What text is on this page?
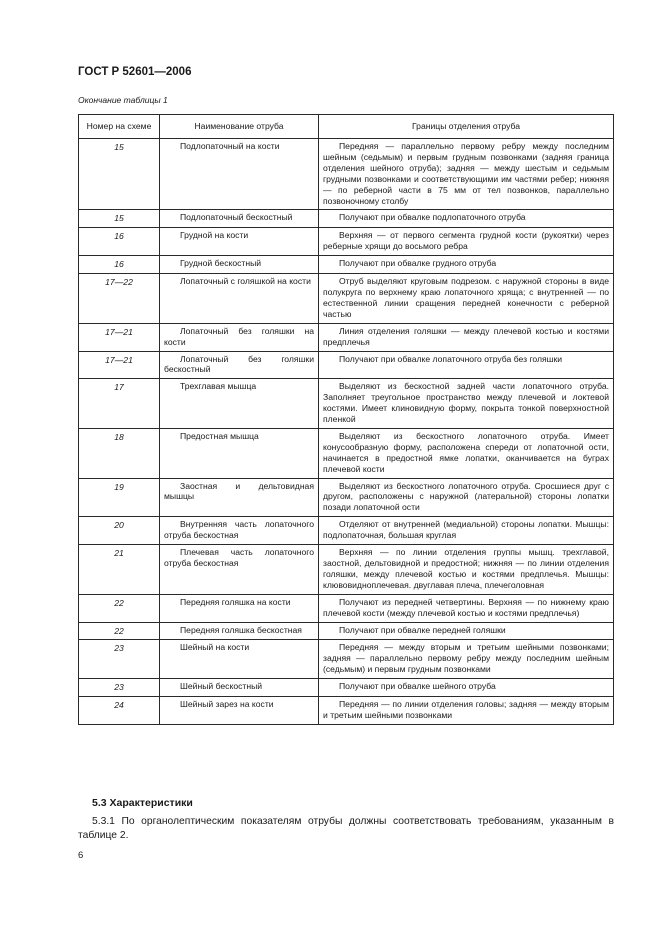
ГОСТ Р 52601—2006
Окончание таблицы 1
Номер на схеме	Наименование отруба	Границы отделения отруба
15	Подлопаточный на кости	Передняя — параллельно первому ребру между последним шейным (седьмым) и первым грудным позвонками (задняя граница отделения шейного отруба); задняя — между шестым и седьмым грудными позвонками и соответствующими им частями ребер; нижняя — по реберной части в 75 мм от тел позвонков, параллельно позвоночному столбу

15	Подлопаточный бескостный	Получают при обвалке подлопаточного отруба

16	Грудной на кости	Верхняя — от первого сегмента грудной кости (рукоятки) через реберные хрящи до восьмого ребра

16	Грудной бескостный	Получают при обвалке грудного отруба

17—22	Лопаточный с голяшкой на кости	Отруб выделяют круговым подрезом. с наружной стороны в виде полукруга по верхнему краю лопаточного хряща; с внутренней — по естественной линии сращения передней конечности с реберной частью

17—21	Лопаточный без голяшки на кости	Линия отделения голяшки — между плечевой костью и костями предплечья

17—21	Лопаточный без голяшки бескостный	Получают при обвалке лопаточного отруба без голяшки

17	Трехглавая мышца	Выделяют из бескостной задней части лопаточного отруба. Заполняет треугольное пространство между плечевой и локтевой костями. Имеет клиновидную форму, покрыта тонкой поверхностной пленкой

18	Предостная мышца	Выделяют из бескостного лопаточного отруба. Имеет конусообразную форму, расположена спереди от лопаточной ости, начинается в предостной ямке лопатки, оканчивается на буграх плечевой кости

19	Заостная и дельтовидная мышцы	Выделяют из бескостного лопаточного отруба. Сросшиеся друг с другом, расположены с наружной (латеральной) стороны лопатки позади лопаточной ости

20	Внутренняя часть лопаточного отруба бескостная	Отделяют от внутренней (медиальной) стороны лопатки. Мышцы: подлопаточная, большая круглая

21	Плечевая часть лопаточного отруба бескостная	Верхняя — по линии отделения группы мышц. трехглавой, заостной, дельтовидной и предостной; нижняя — по линии отделения голяшки, между плечевой костью и костями предплечья. Мышцы: клювовидноплечевая. двуглавая плеча, плечеголовная

22	Передняя голяшка на кости	Получают из передней четвертины. Верхняя — по нижнему краю плечевой кости (между плечевой костью и костями предплечья)

22	Передняя голяшка бескостная	Получают при обвалке передней голяшки

23	Шейный на кости	Передняя — между вторым и третьим шейными позвонками; задняя — параллельно первому ребру между последним шейным (седьмым) и первым грудным позвонками

23	Шейный бескостный	Получают при обвалке шейного отруба

24	Шейный зарез на кости	Передняя — по линии отделения головы; задняя — между вторым и третьим шейными позвонками
5.3 Характеристики
5.3.1 По органолептическим показателям отрубы должны соответствовать требованиям, указанным в таблице 2.
6
